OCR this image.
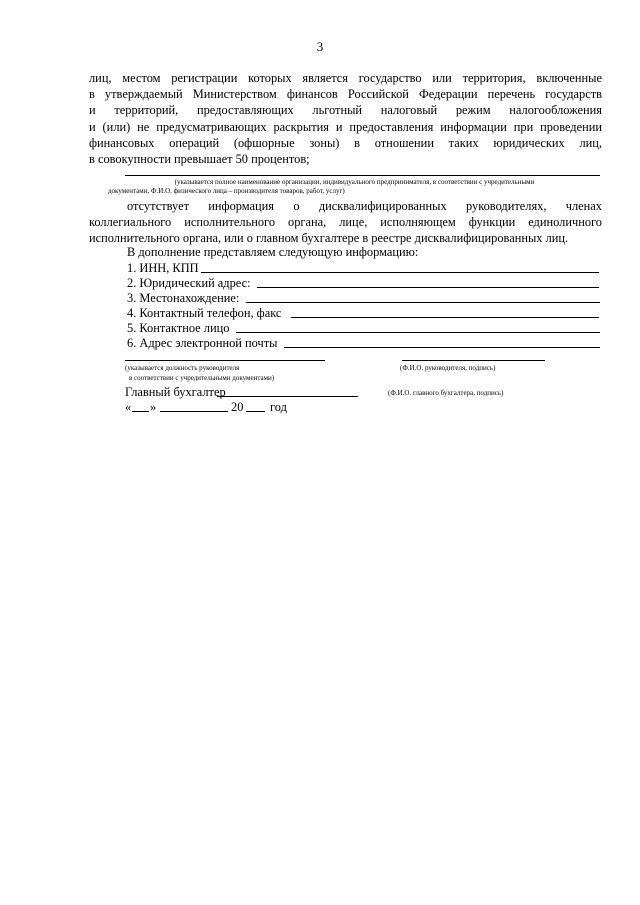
3
лиц, местом регистрации которых является государство или территория, включенные
в утверждаемый Министерством финансов Российской Федерации перечень государств
и территорий, предоставляющих льготный налоговый режим налогообложения
и (или) не предусматривающих раскрытия и предоставления информации при проведении
финансовых операций (офшорные зоны) в отношении таких юридических лиц,
в совокупности превышает 50 процентов;
(указывается полное наименование организации, индивидуального предпринимателя, в соответствии с учредительными
документами, Ф.И.О. физического лица – производителя товаров, работ, услуг)
отсутствует информация о дисквалифицированных руководителях, членах
коллегиального исполнительного органа, лице, исполняющем функции единоличного
исполнительного органа, или о главном бухгалтере в реестре дисквалифицированных лиц.
В дополнение представляем следующую информацию:
1. ИНН, КПП
2. Юридический адрес:
3. Местонахождение:
4. Контактный телефон, факс
5. Контактное лицо
6. Адрес электронной почты
(указывается должность руководителя
в соответствии с учредительными документами)
(Ф.И.О. руководителя, подпись)
Главный бухгалтер	(Ф.И.О. главного бухгалтера, подпись)
« »	20 год
